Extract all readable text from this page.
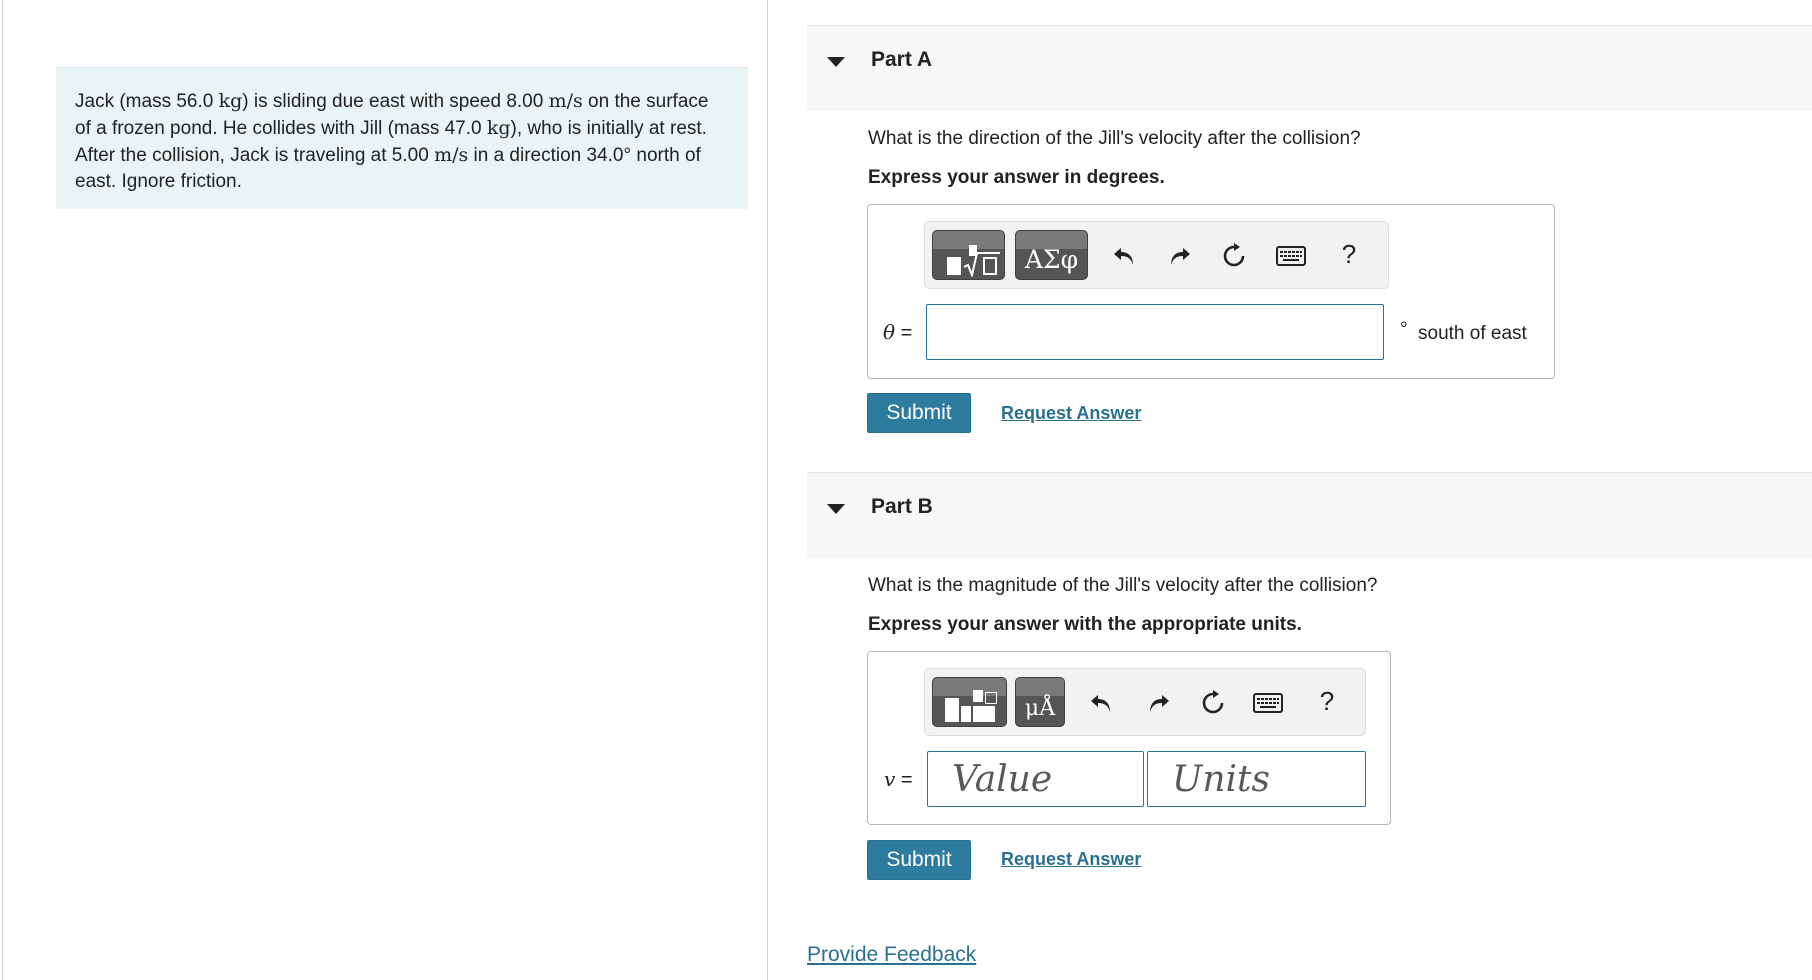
Jack (mass 56.0 kg) is sliding due east with speed 8.00 m/s on the surface of a frozen pond. He collides with Jill (mass 47.0 kg), who is initially at rest. After the collision, Jack is traveling at 5.00 m/s in a direction 34.0° north of east. Ignore friction.
Part A
What is the direction of the Jill's velocity after the collision?
Express your answer in degrees.
ΑΣφ	?
θ =	° south of east
Submit	Request Answer
Part B
What is the magnitude of the Jill's velocity after the collision?
Express your answer with the appropriate units.
μÅ	?
v =
Value
Units
Submit	Request Answer
Provide Feedback
